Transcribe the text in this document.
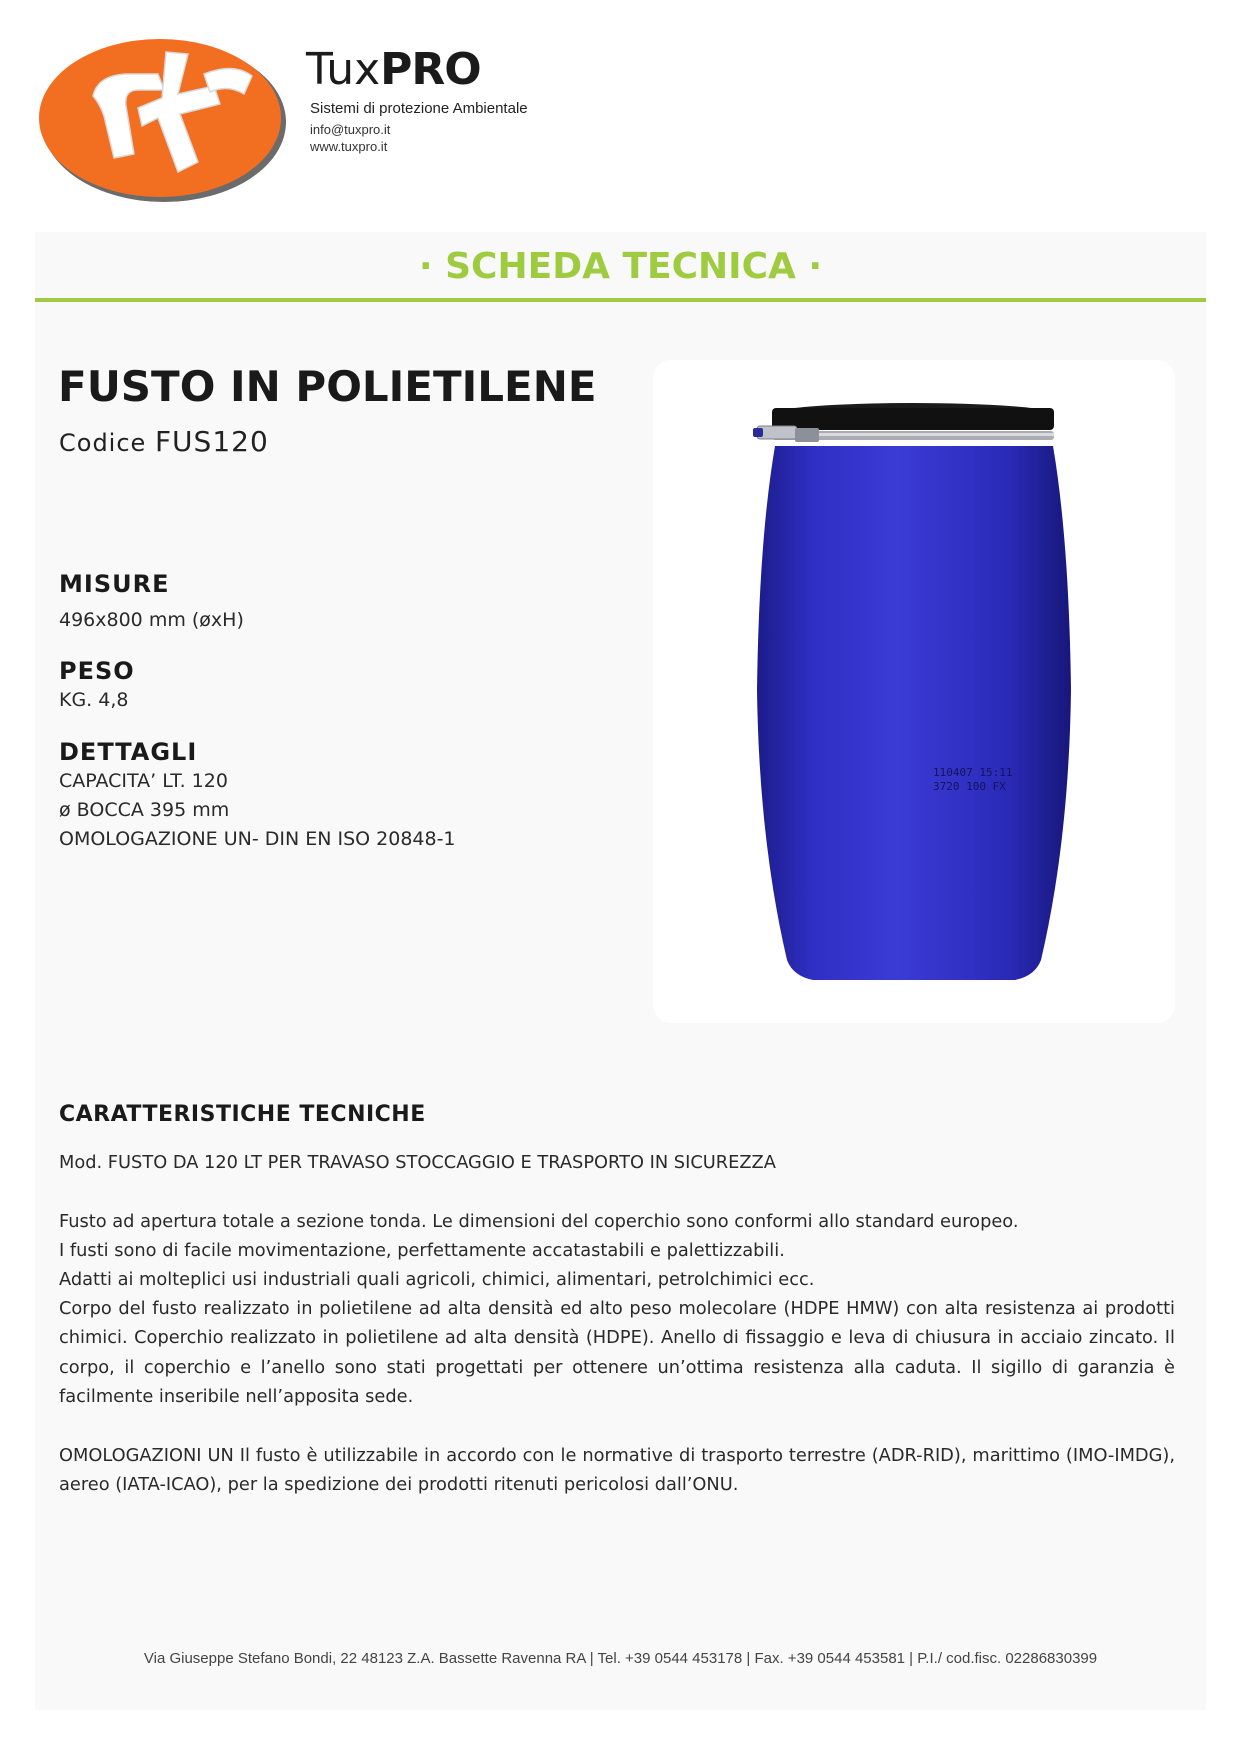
TuxPRO
Sistemi di protezione Ambientale
info@tuxpro.it
www.tuxpro.it
· SCHEDA TECNICA ·
FUSTO IN POLIETILENE
Codice FUS120
MISURE
496x800 mm (øxH)
PESO
KG. 4,8
DETTAGLI
CAPACITA’ LT. 120
ø BOCCA 395 mm
OMOLOGAZIONE UN- DIN EN ISO 20848-1
110407 15:11
3720 100 FX
CARATTERISTICHE TECNICHE

Mod. FUSTO DA 120 LT PER TRAVASO STOCCAGGIO E TRASPORTO IN SICUREZZA

Fusto ad apertura totale a sezione tonda. Le dimensioni del coperchio sono conformi allo standard europeo.

I fusti sono di facile movimentazione, perfettamente accatastabili e palettizzabili.

Adatti ai molteplici usi industriali quali agricoli, chimici, alimentari, petrolchimici ecc.

Corpo del fusto realizzato in polietilene ad alta densità ed alto peso molecolare (HDPE HMW) con alta resistenza ai prodotti chimici. Coperchio realizzato in polietilene ad alta densità (HDPE). Anello di fissaggio e leva di chiusura in acciaio zincato. Il corpo, il coperchio e l’anello sono stati progettati per ottenere un’ottima resistenza alla caduta. Il sigillo di garanzia è facilmente inseribile nell’apposita sede.

OMOLOGAZIONI UN Il fusto è utilizzabile in accordo con le normative di trasporto terrestre (ADR-RID), marittimo (IMO-IMDG), aereo (IATA-ICAO), per la spedizione dei prodotti ritenuti pericolosi dall’ONU.

Via Giuseppe Stefano Bondi, 22 48123 Z.A. Bassette Ravenna RA | Tel. +39 0544 453178 | Fax. +39 0544 453581 | P.I./ cod.fisc. 02286830399
